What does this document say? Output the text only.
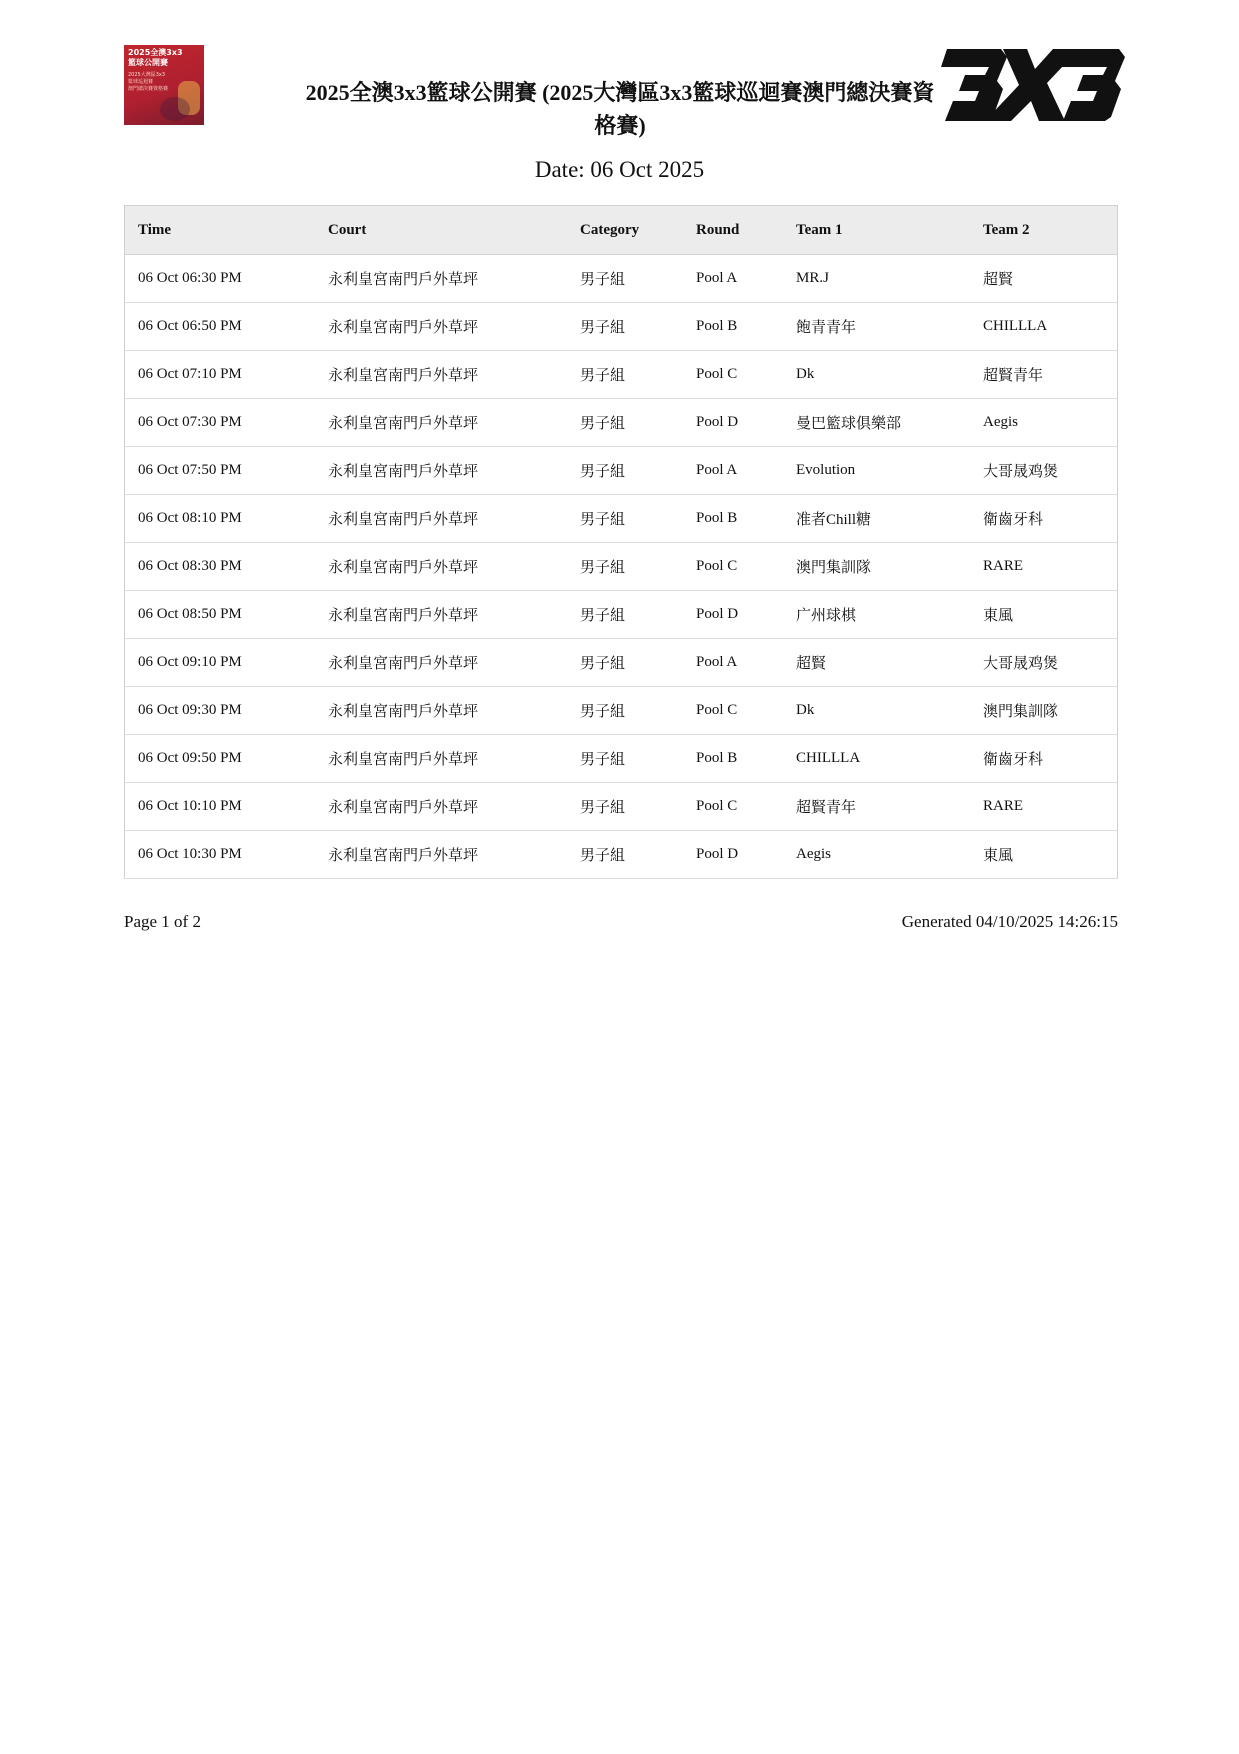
2025全澳3x3
籃球公開賽
2025大灣區3x3
籃球巡迴賽
澳門總決賽資格賽	2025全澳3x3籃球公開賽 (2025大灣區3x3籃球巡迴賽澳門總決賽資格賽)
Date: 06 Oct 2025
Time	Court	Category	Round	Team 1	Team 2
06 Oct 06:30 PM	永利皇宮南門戶外草坪	男子組	Pool A	MR.J	超賢
06 Oct 06:50 PM	永利皇宮南門戶外草坪	男子組	Pool B	飽青青年	CHILLLA
06 Oct 07:10 PM	永利皇宮南門戶外草坪	男子組	Pool C	Dk	超賢青年
06 Oct 07:30 PM	永利皇宮南門戶外草坪	男子組	Pool D	曼巴籃球俱樂部	Aegis
06 Oct 07:50 PM	永利皇宮南門戶外草坪	男子組	Pool A	Evolution	大哥晟鸡煲
06 Oct 08:10 PM	永利皇宮南門戶外草坪	男子組	Pool B	准者Chill糖	衛齒牙科
06 Oct 08:30 PM	永利皇宮南門戶外草坪	男子組	Pool C	澳門集訓隊	RARE
06 Oct 08:50 PM	永利皇宮南門戶外草坪	男子組	Pool D	广州球棋	東風
06 Oct 09:10 PM	永利皇宮南門戶外草坪	男子組	Pool A	超賢	大哥晟鸡煲
06 Oct 09:30 PM	永利皇宮南門戶外草坪	男子組	Pool C	Dk	澳門集訓隊
06 Oct 09:50 PM	永利皇宮南門戶外草坪	男子組	Pool B	CHILLLA	衛齒牙科
06 Oct 10:10 PM	永利皇宮南門戶外草坪	男子組	Pool C	超賢青年	RARE
06 Oct 10:30 PM	永利皇宮南門戶外草坪	男子組	Pool D	Aegis	東風
Page 1 of 2	Generated 04/10/2025 14:26:15
